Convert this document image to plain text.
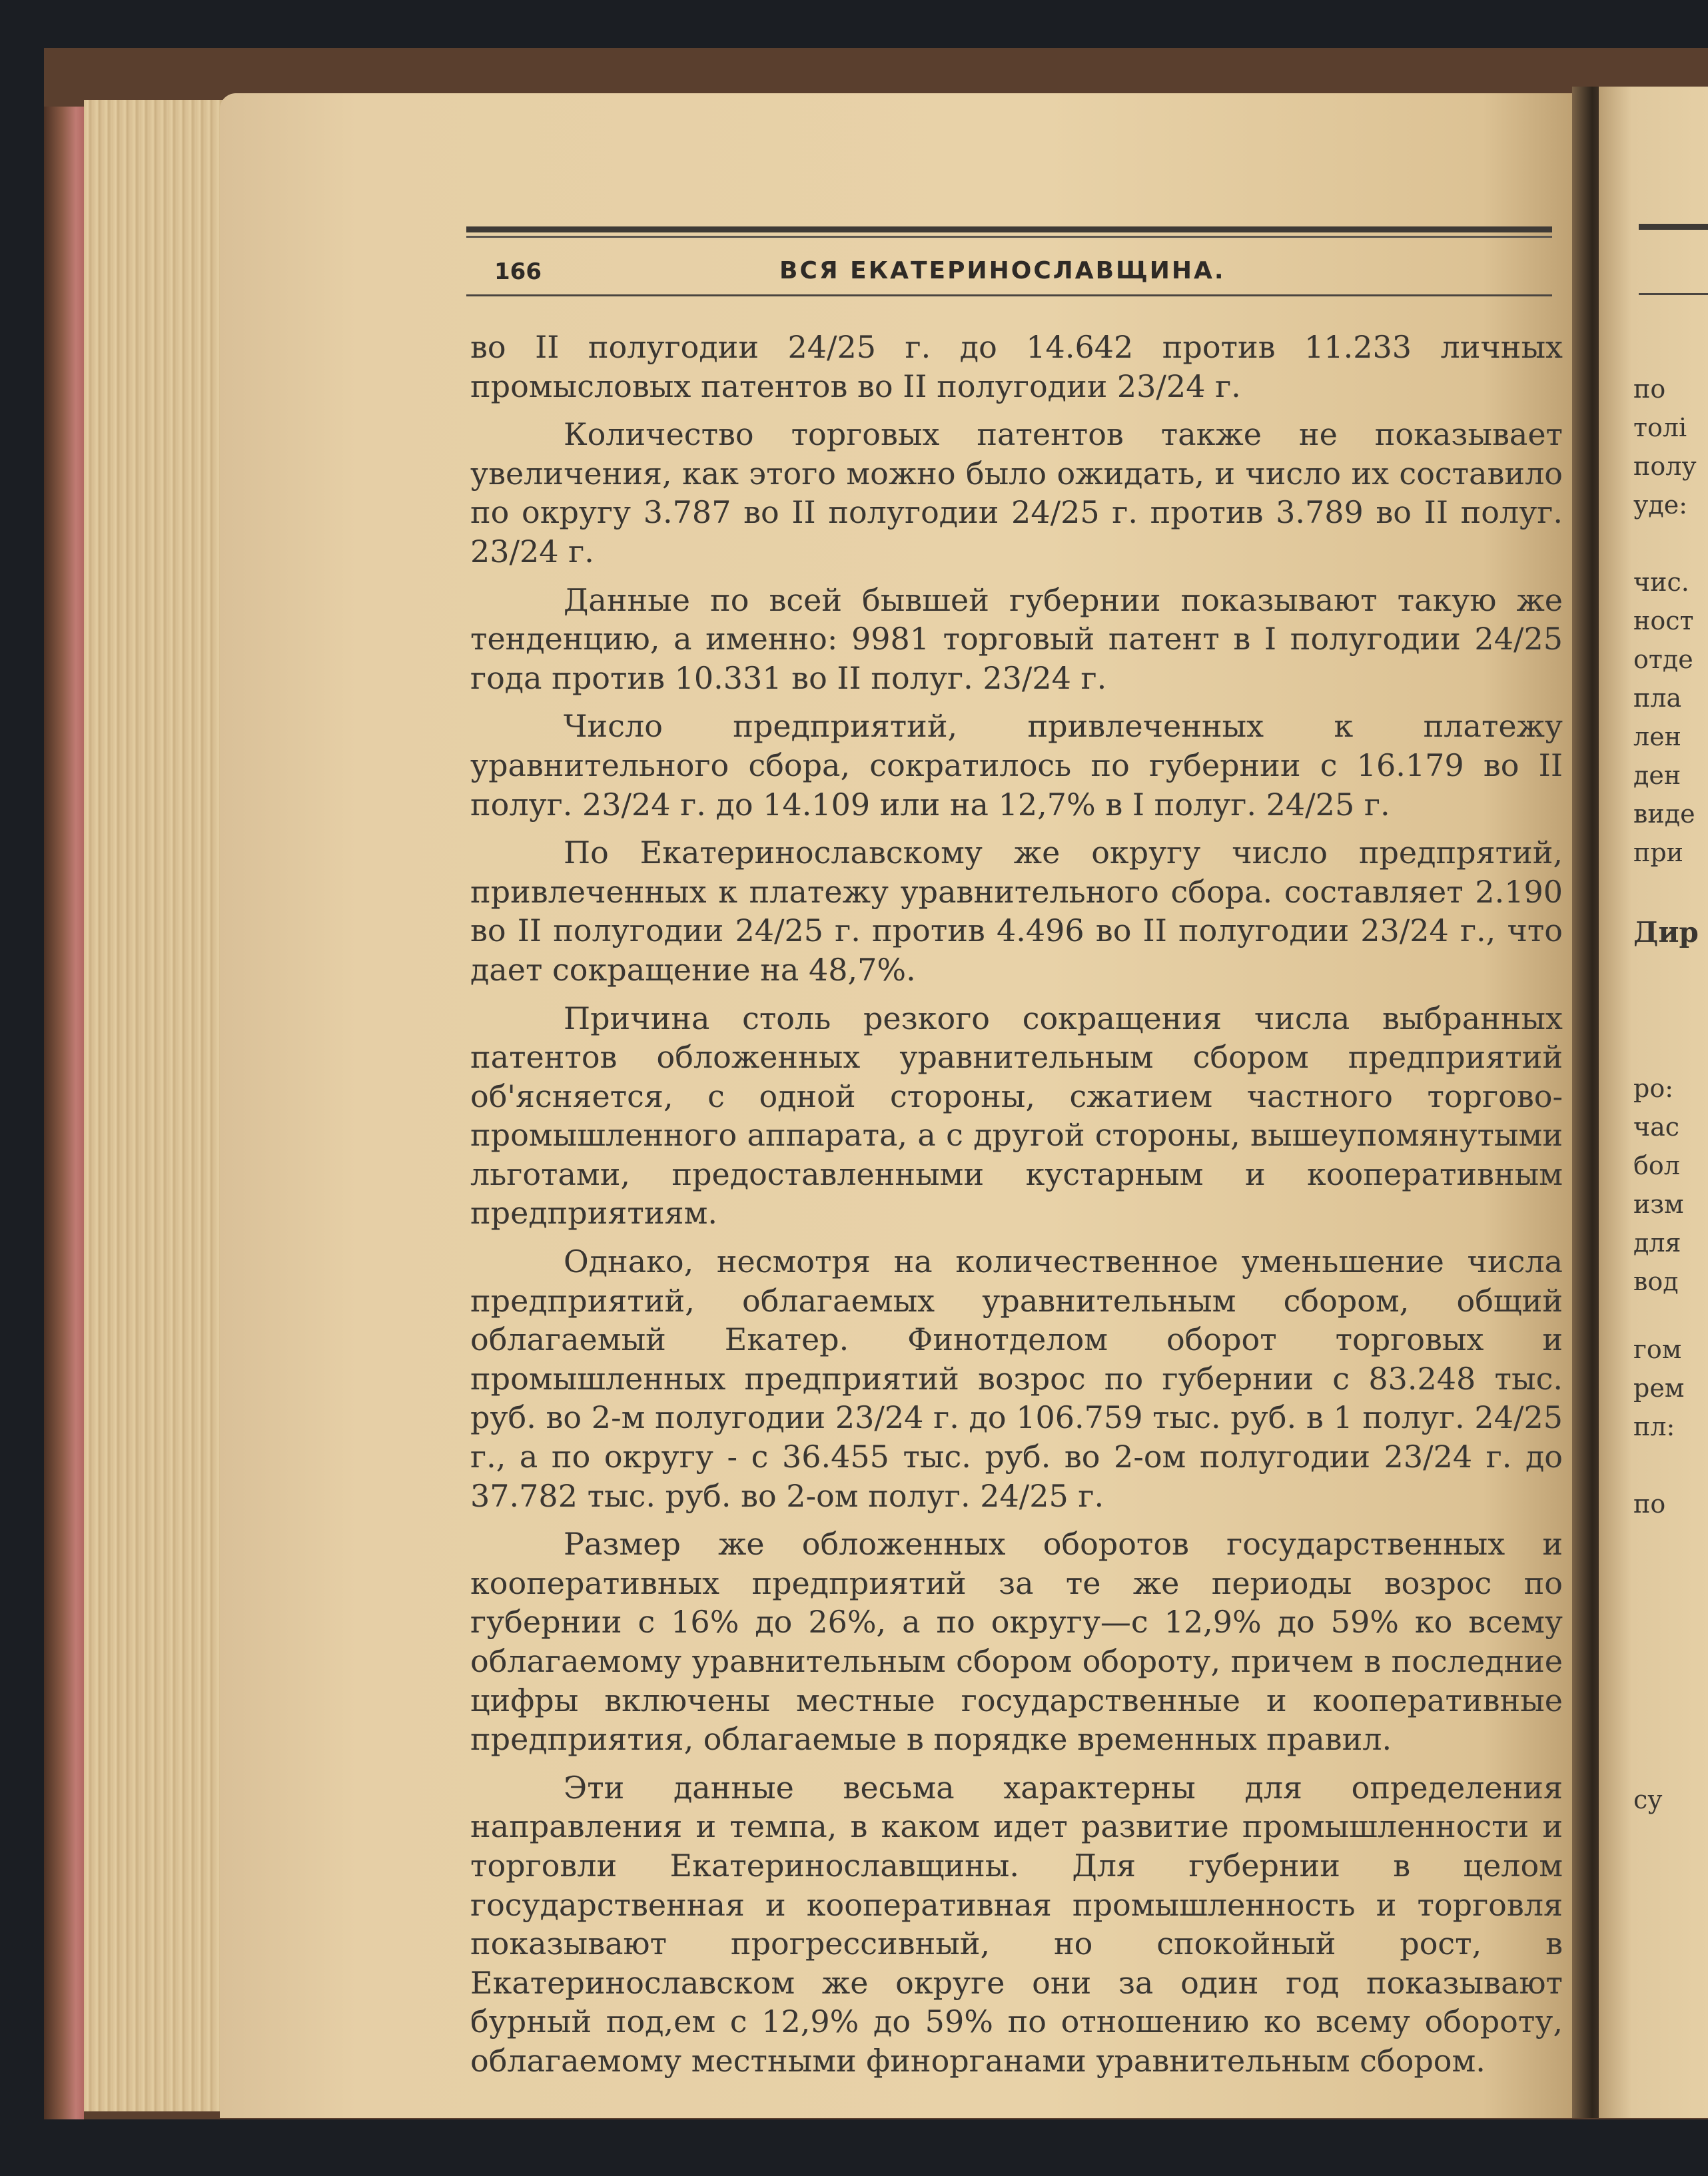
166	ВСЯ ЕКАТЕРИНОСЛАВЩИНА.

во II полугодии 24/25 г. до 14.642 против 11.233 личных промысловых патентов во II полугодии 23/24 г.

Количество торговых патентов также не показывает увеличения, как этого можно было ожидать, и число их составило по округу 3.787 во II полугодии 24/25 г. против 3.789 во II полуг. 23/24 г.

Данные по всей бывшей губернии показывают такую же тенденцию, а именно: 9981 торговый патент в I полугодии 24/25 года против 10.331 во II полуг. 23/24 г.

Число предприятий, привлеченных к платежу уравнительного сбора, сократилось по губернии с 16.179 во II полуг. 23/24 г. до 14.109 или на 12,7% в I полуг. 24/25 г.

По Екатеринославскому же округу число предпрятий, привлеченных к платежу уравнительного сбора. составляет 2.190 во II полугодии 24/25 г. против 4.496 во II полугодии 23/24 г., что дает сокращение на 48,7%.

Причина столь резкого сокращения числа выбранных патентов обложенных уравнительным сбором предприятий об'ясняется, с одной стороны, сжатием частного торгово-промышленного аппарата, а с другой стороны, вышеупомянутыми льготами, предоставленными кустарным и кооперативным предприятиям.

Однако, несмотря на количественное уменьшение числа предприятий, облагаемых уравнительным сбором, общий облагаемый Екатер. Финотделом оборот торговых и промышленных предприятий возрос по губернии с 83.248 тыс. руб. во 2-м полугодии 23/24 г. до 106.759 тыс. руб. в 1 полуг. 24/25 г., а по округу - с 36.455 тыс. руб. во 2-ом полугодии 23/24 г. до 37.782 тыс. руб. во 2-ом полуг. 24/25 г.

Размер же обложенных оборотов государственных и кооперативных предприятий за те же периоды возрос по губернии с 16% до 26%, а по округу—с 12,9% до 59% ко всему облагаемому уравнительным сбором обороту, причем в последние цифры включены местные государственные и кооперативные предприятия, облагаемые в порядке временных правил.

Эти данные весьма характерны для определения направления и темпа, в каком идет развитие промышленности и торговли Екатеринославщины. Для губернии в целом государственная и кооперативная промышленность и торговля показывают прогрессивный, но спокойный рост, в Екатеринославском же округе они за один год показывают бурный под,ем с 12,9% до 59% по отношению ко всему обороту, облагаемому местными финорганами уравнительным сбором.

по
толі
полу
уде:
чис.
ност
отде
пла
лен
ден
виде
при
Дир
ро:
час
бол
изм
для
вод
гом
рем
пл:
по
су
